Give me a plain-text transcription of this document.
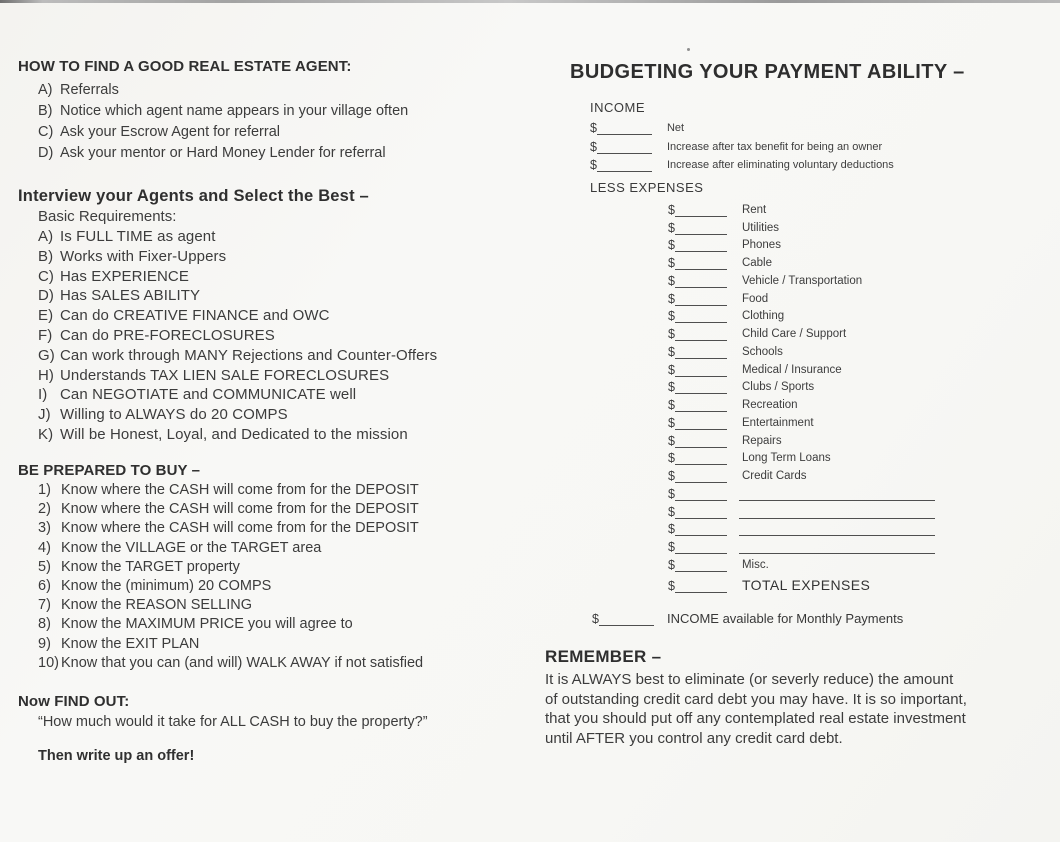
HOW TO FIND A GOOD REAL ESTATE AGENT:
A) Referrals
B) Notice which agent name appears in your village often
C) Ask your Escrow Agent for referral
D) Ask your mentor or Hard Money Lender for referral
Interview your Agents and Select the Best –
Basic Requirements:
A) Is FULL TIME as agent
B) Works with Fixer-Uppers
C) Has EXPERIENCE
D) Has SALES ABILITY
E) Can do CREATIVE FINANCE and OWC
F) Can do PRE-FORECLOSURES
G) Can work through MANY Rejections and Counter-Offers
H) Understands TAX LIEN SALE FORECLOSURES
I) Can NEGOTIATE and COMMUNICATE well
J) Willing to ALWAYS do 20 COMPS
K) Will be Honest, Loyal, and Dedicated to the mission
BE PREPARED TO BUY –
1) Know where the CASH will come from for the DEPOSIT
2) Know where the CASH will come from for the DEPOSIT
3) Know where the CASH will come from for the DEPOSIT
4) Know the VILLAGE or the TARGET area
5) Know the TARGET property
6) Know the (minimum) 20 COMPS
7) Know the REASON SELLING
8) Know the MAXIMUM PRICE you will agree to
9) Know the EXIT PLAN
10) Know that you can (and will) WALK AWAY if not satisfied
Now FIND OUT:
“How much would it take for ALL CASH to buy the property?”
Then write up an offer!
BUDGETING YOUR PAYMENT ABILITY –
INCOME
$	Net
$	Increase after tax benefit for being an owner
$	Increase after eliminating voluntary deductions
LESS EXPENSES
$	Rent
$	Utilities
$	Phones
$	Cable
$	Vehicle / Transportation
$	Food
$	Clothing
$	Child Care / Support
$	Schools
$	Medical / Insurance
$	Clubs / Sports
$	Recreation
$	Entertainment
$	Repairs
$	Long Term Loans
$	Credit Cards
$
$
$
$
$	Misc.
$	TOTAL EXPENSES
$	INCOME available for Monthly Payments
REMEMBER –
It is ALWAYS best to eliminate (or severly reduce) the amount
of outstanding credit card debt you may have. It is so important,
that you should put off any contemplated real estate investment
until AFTER you control any credit card debt.
